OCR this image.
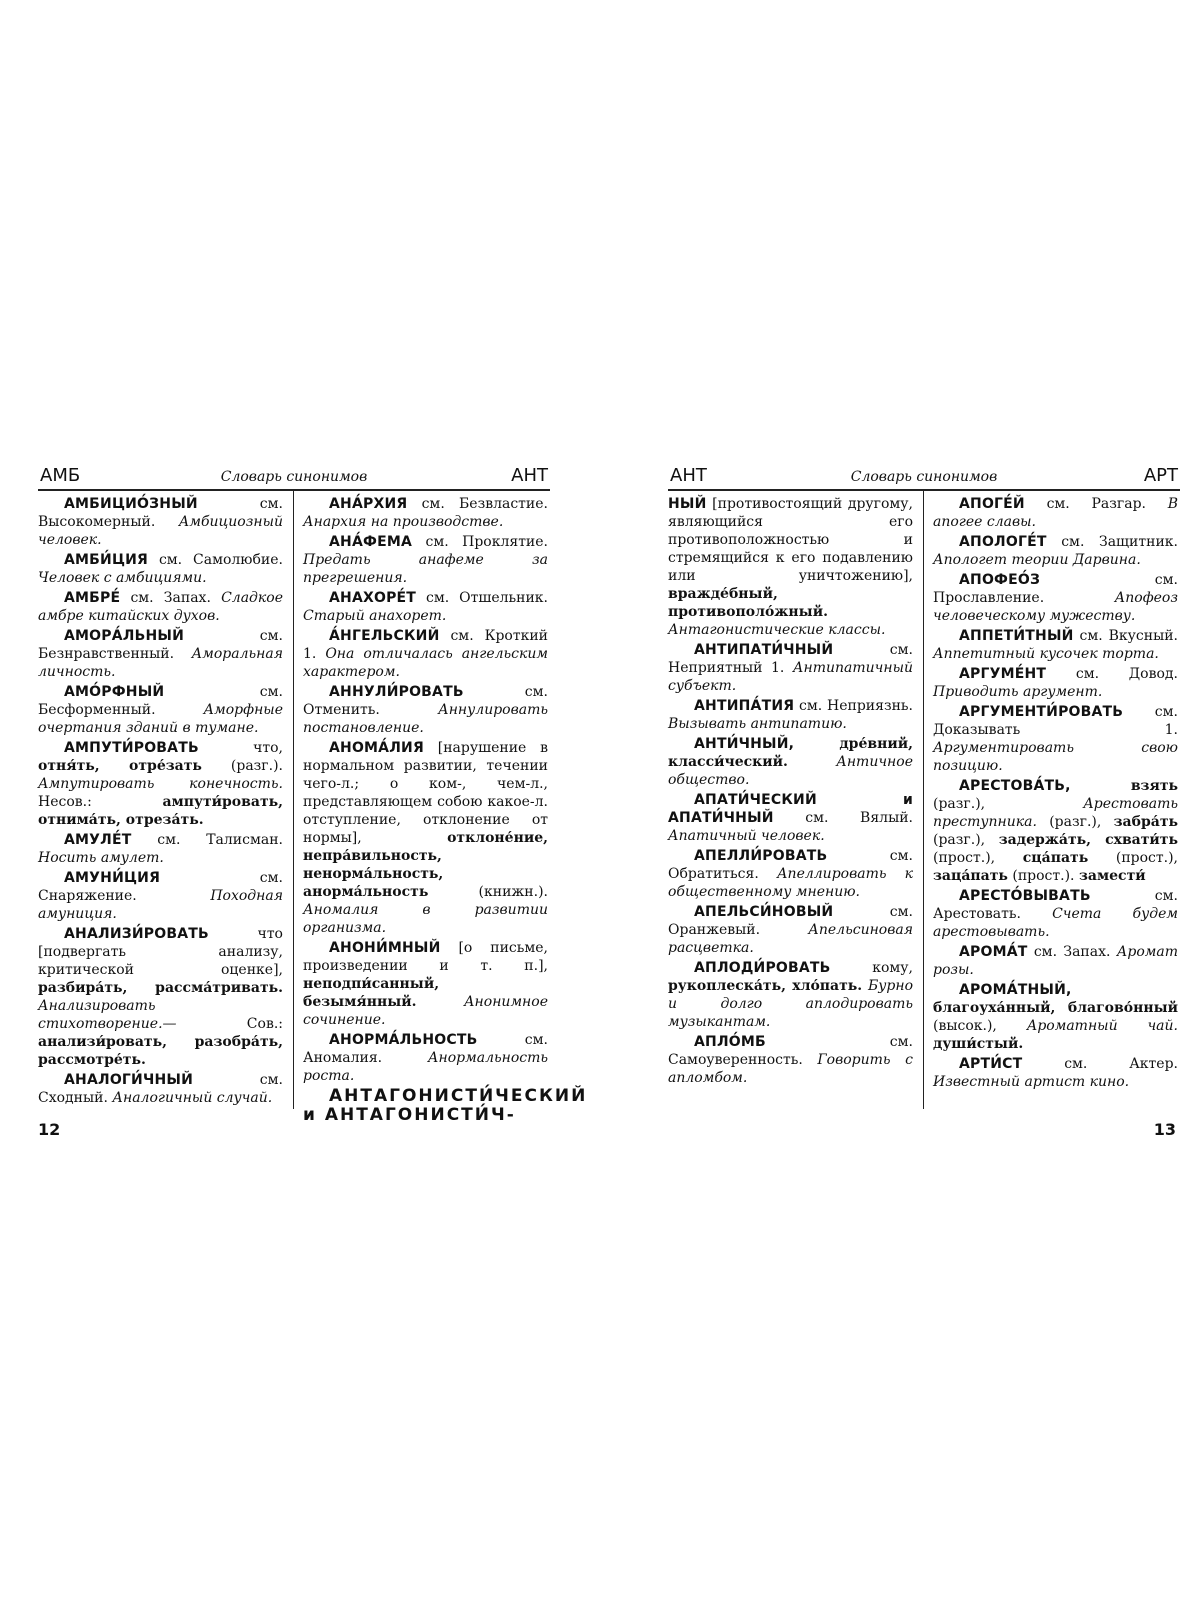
АМБ	Словарь синонимов	АНТ

АМБИЦИО́ЗНЫЙ см. Высокомерный. Амбициозный человек.

АМБИ́ЦИЯ см. Самолюбие. Человек с амбициями.

АМБРЕ́ см. Запах. Сладкое амбре китайских духов.

АМОРА́ЛЬНЫЙ см. Безнравственный. Аморальная личность.

АМО́РФНЫЙ см. Бесформенный. Аморфные очертания зданий в тумане.

АМПУТИ́РОВАТЬ что, отня́ть, отре́зать (разг.). Ампутировать конечность. Несов.: ампути́ровать, отнима́ть, отреза́ть.

АМУЛЕ́Т см. Талисман. Носить амулет.

АМУНИ́ЦИЯ см. Снаряжение. Походная амуниция.

АНАЛИЗИ́РОВАТЬ что [подвергать анализу, критической оценке], разбира́ть, рассма́тривать. Анализировать стихотворение.— Сов.: анализи́ровать, разобра́ть, рассмотре́ть.

АНАЛОГИ́ЧНЫЙ см. Сходный. Аналогичный случай.

АНА́РХИЯ см. Безвластие. Анархия на производстве.

АНА́ФЕМА см. Проклятие. Предать анафеме за прегрешения.

АНАХОРЕ́Т см. Отшельник. Старый анахорет.

А́НГЕЛЬСКИЙ см. Кроткий 1. Она отличалась ангельским характером.

АННУЛИ́РОВАТЬ см. Отменить. Аннулировать постановление.

АНОМА́ЛИЯ [нарушение в нормальном развитии, течении чего-л.; о ком-, чем-л., представляющем собою какое-л. отступление, отклонение от нормы], отклоне́ние, непра́вильность, ненорма́льность, анорма́льность (книжн.). Аномалия в развитии организма.

АНОНИ́МНЫЙ [о письме, произведении и т. п.], неподпи́санный, безымя́нный.	Анонимное сочинение.

АНОРМА́ЛЬНОСТЬ см. Аномалия. Анормальность роста.

АНТАГОНИСТИ́ЧЕСКИЙ и АНТАГОНИСТИ́Ч-

12
АНТ	Словарь синонимов	АРТ

НЫЙ [противостоящий другому, являющийся его противоположностью и стремящийся к его подавлению или уничтожению], вражде́бный, противополо́жный. Антагонистические классы.

АНТИПАТИ́ЧНЫЙ см. Неприятный 1. Антипатичный субъект.

АНТИПА́ТИЯ см. Неприязнь. Вызывать антипатию.

АНТИ́ЧНЫЙ,	дре́вний, класси́ческий.	Античное общество.

АПАТИ́ЧЕСКИЙ и АПАТИ́ЧНЫЙ см. Вялый. Апатичный человек.

АПЕЛЛИ́РОВАТЬ см. Обратиться. Апеллировать к общественному мнению.

АПЕЛЬСИ́НОВЫЙ см. Оранжевый. Апельсиновая расцветка.

АПЛОДИ́РОВАТЬ кому, рукоплеска́ть, хло́пать. Бурно и долго аплодировать музыкантам.

АПЛО́МБ см. Самоуверенность. Говорить с апломбом.

АПОГЕ́Й см. Разгар. В апогее славы.

АПОЛОГЕ́Т см. Защитник. Апологет теории Дарвина.

АПОФЕО́З см. Прославление. Апофеоз человеческому мужеству.

АППЕТИ́ТНЫЙ см. Вкусный. Аппетитный кусочек торта.

АРГУМЕ́НТ см. Довод. Приводить аргумент.

АРГУМЕНТИ́РОВАТЬ см. Доказывать 1. Аргументировать свою позицию.

АРЕСТОВА́ТЬ,	взять (разг.), Арестовать преступника. (разг.), забра́ть (разг.), задержа́ть, схвати́ть (прост.), сца́пать (прост.), заца́пать (прост.). замести́

АРЕСТО́ВЫВАТЬ см. Арестовать. Счета будем арестовывать.

АРОМА́Т см. Запах. Аромат розы.

АРОМА́ТНЫЙ, благоуха́нный, благово́нный (высок.), Ароматный чай. души́стый.

АРТИ́СТ см. Актер. Известный артист кино.

13
